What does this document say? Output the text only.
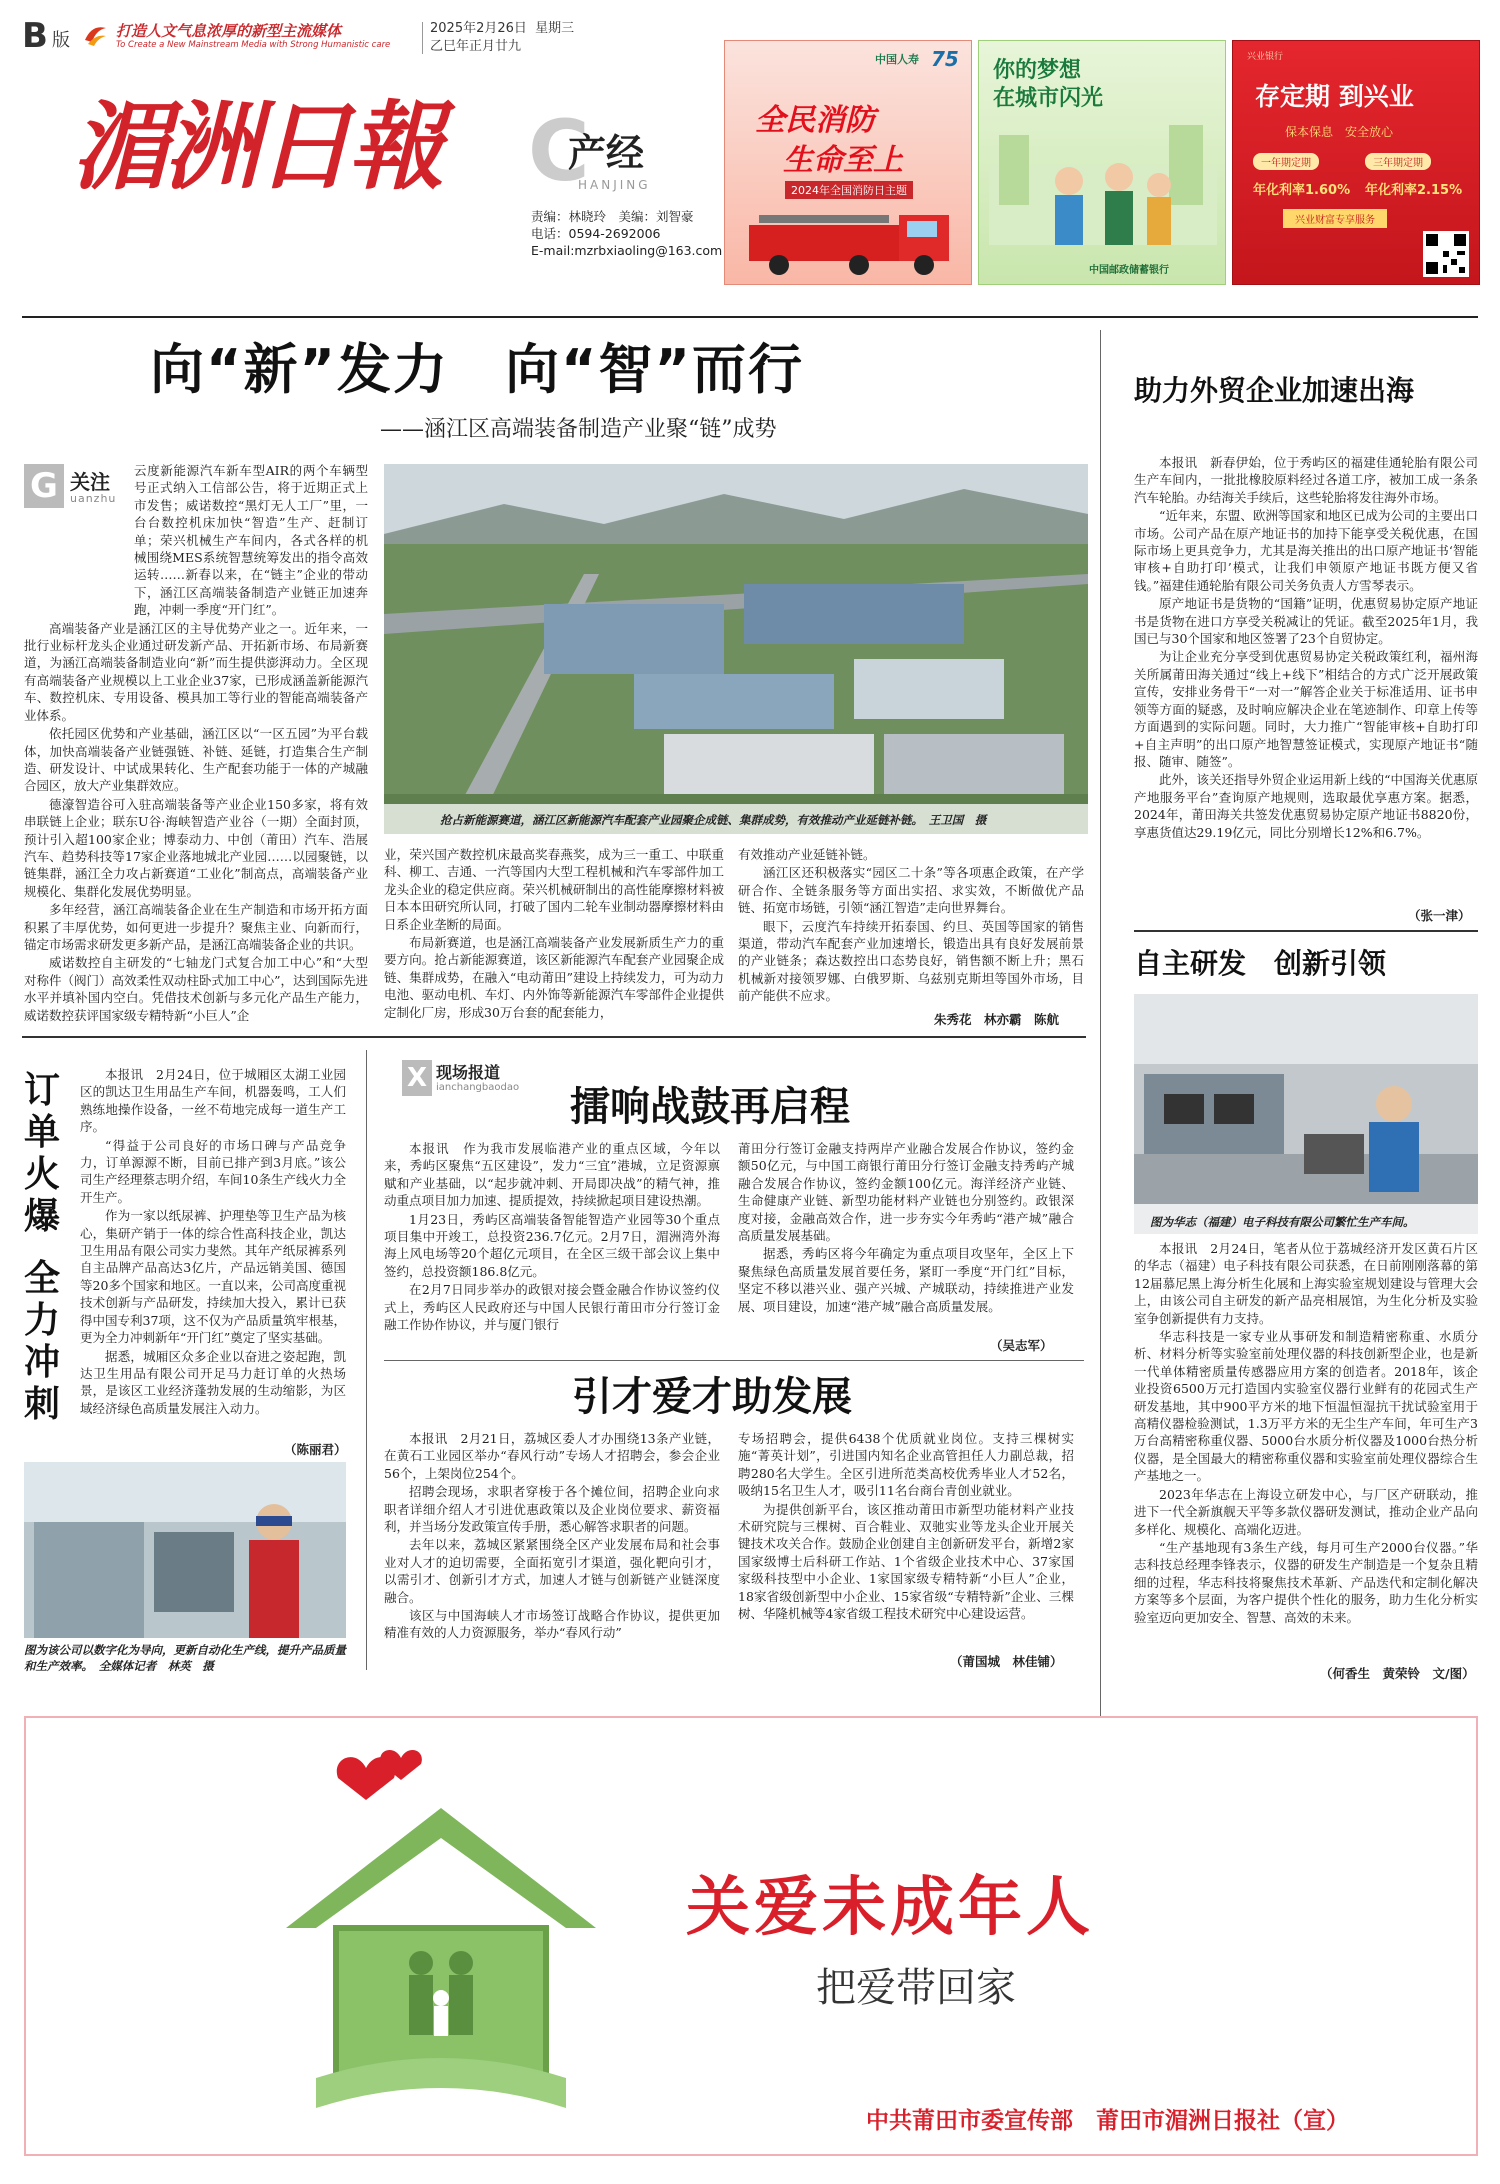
B 版	打造人文气息浓厚的新型主流媒体
To Create a New Mainstream Media with Strong Humanistic care
2025年2月26日 星期三
乙巳年正月廿九
湄洲日報 C
产经
HANJING
责编：林晓玲　美编：刘智豪
电话：0594-2692006
E-mail:mzrbxiaoling@163.com
中国人寿 75
全民消防
生命至上
2024年全国消防日主题
你的梦想
在城市闪光
中国邮政储蓄银行
兴业银行
存定期 到兴业
保本保息　安全放心
一年期定期	三年期定期
年化利率1.60% 年化利率2.15%
兴业财富专享服务
向“新”发力　向“智”而行
——涵江区高端装备制造产业聚“链”成势
G 关注
uanzhu

云度新能源汽车新车型AIR的两个车辆型号正式纳入工信部公告，将于近期正式上市发售；威诺数控“黑灯无人工厂”里，一台台数控机床加快“智造”生产、赶制订单；荣兴机械生产车间内，各式各样的机械围绕MES系统智慧统筹发出的指令高效运转……新春以来，在“链主”企业的带动下，涵江区高端装备制造产业链正加速奔跑，冲刺一季度“开门红”。

高端装备产业是涵江区的主导优势产业之一。近年来，一批行业标杆龙头企业通过研发新产品、开拓新市场、布局新赛道，为涵江高端装备制造业向“新”而生提供澎湃动力。全区现有高端装备产业规模以上工业企业37家，已形成涵盖新能源汽车、数控机床、专用设备、模具加工等行业的智能高端装备产业体系。

依托园区优势和产业基础，涵江区以“一区五园”为平台载体，加快高端装备产业链强链、补链、延链，打造集合生产制造、研发设计、中试成果转化、生产配套功能于一体的产城融合园区，放大产业集群效应。

德濠智造谷可入驻高端装备等产业企业150多家，将有效串联链上企业；联东U谷·海峡智造产业谷（一期）全面封顶，预计引入超100家企业；博泰动力、中创（莆田）汽车、浩展汽车、趋势科技等17家企业落地城北产业园……以园聚链，以链集群，涵江全力攻占新赛道“工业化”制高点，高端装备产业规模化、集群化发展优势明显。

多年经营，涵江高端装备企业在生产制造和市场开拓方面积累了丰厚优势，如何更进一步提升？聚焦主业、向新而行，锚定市场需求研发更多新产品，是涵江高端装备企业的共识。

威诺数控自主研发的“七轴龙门式复合加工中心”和“大型对称件（阀门）高效柔性双动柱卧式加工中心”，达到国际先进水平并填补国内空白。凭借技术创新与多元化产品生产能力，威诺数控获评国家级专精特新“小巨人”企

抢占新能源赛道，涵江区新能源汽车配套产业园聚企成链、集群成势，有效推动产业延链补链。　王卫国　摄

业，荣兴国产数控机床最高奖春燕奖，成为三一重工、中联重科、柳工、吉通、一汽等国内大型工程机械和汽车零部件加工龙头企业的稳定供应商。荣兴机械研制出的高性能摩擦材料被日本本田研究所认同，打破了国内二轮车业制动器摩擦材料由日系企业垄断的局面。

布局新赛道，也是涵江高端装备产业发展新质生产力的重要方向。抢占新能源赛道，该区新能源汽车配套产业园聚企成链、集群成势，在融入“电动莆田”建设上持续发力，可为动力电池、驱动电机、车灯、内外饰等新能源汽车零部件企业提供定制化厂房，形成30万台套的配套能力，

有效推动产业延链补链。

涵江区还积极落实“园区二十条”等各项惠企政策，在产学研合作、全链条服务等方面出实招、求实效，不断做优产品链、拓宽市场链，引领“涵江智造”走向世界舞台。

眼下，云度汽车持续开拓泰国、约旦、英国等国家的销售渠道，带动汽车配套产业加速增长，锻造出具有良好发展前景的产业链条；森达数控出口态势良好，销售额不断上升；黑石机械新对接领罗娜、白俄罗斯、乌兹别克斯坦等国外市场，目前产能供不应求。

朱秀花　林亦霸　陈航
助力外贸企业加速出海

本报讯　新春伊始，位于秀屿区的福建佳通轮胎有限公司生产车间内，一批批橡胶原料经过各道工序，被加工成一条条汽车轮胎。办结海关手续后，这些轮胎将发往海外市场。

“近年来，东盟、欧洲等国家和地区已成为公司的主要出口市场。公司产品在原产地证书的加持下能享受关税优惠，在国际市场上更具竞争力，尤其是海关推出的出口原产地证书‘智能审核+自助打印’模式，让我们申领原产地证书既方便又省钱。”福建佳通轮胎有限公司关务负责人方雪琴表示。

原产地证书是货物的“国籍”证明，优惠贸易协定原产地证书是货物在进口方享受关税减让的凭证。截至2025年1月，我国已与30个国家和地区签署了23个自贸协定。

为让企业充分享受到优惠贸易协定关税政策红利，福州海关所属莆田海关通过“线上+线下”相结合的方式广泛开展政策宣传，安排业务骨干“一对一”解答企业关于标准适用、证书申领等方面的疑惑，及时响应解决企业在笔迹制作、印章上传等方面遇到的实际问题。同时，大力推广“智能审核+自助打印+自主声明”的出口原产地智慧签证模式，实现原产地证书“随报、随审、随签”。

此外，该关还指导外贸企业运用新上线的“中国海关优惠原产地服务平台”查询原产地规则，选取最优享惠方案。据悉，2024年，莆田海关共签发优惠贸易协定原产地证书8820份，享惠货值达29.19亿元，同比分别增长12%和6.7%。

（张一津）
自主研发　创新引领
图为华志（福建）电子科技有限公司繁忙生产车间。

本报讯　2月24日，笔者从位于荔城经济开发区黄石片区的华志（福建）电子科技有限公司获悉，在日前刚刚落幕的第12届慕尼黑上海分析生化展和上海实验室规划建设与管理大会上，由该公司自主研发的新产品亮相展馆，为生化分析及实验室争创新提供有力支持。

华志科技是一家专业从事研发和制造精密称重、水质分析、材料分析等实验室前处理仪器的科技创新型企业，也是新一代单体精密质量传感器应用方案的创造者。2018年，该企业投资6500万元打造国内实验室仪器行业鲜有的花园式生产研发基地，其中900平方米的地下恒温恒湿抗干扰试验室用于高精仪器检验测试，1.3万平方米的无尘生产车间，年可生产3万台高精密称重仪器、5000台水质分析仪器及1000台热分析仪器，是全国最大的精密称重仪器和实验室前处理仪器综合生产基地之一。

2023年华志在上海设立研发中心，与厂区产研联动，推进下一代全新旗舰天平等多款仪器研发测试，推动企业产品向多样化、规模化、高端化迈进。

“生产基地现有3条生产线，每月可生产2000台仪器。”华志科技总经理李锋表示，仪器的研发生产制造是一个复杂且精细的过程，华志科技将聚焦技术革新、产品迭代和定制化解决方案等多个层面，为客户提供个性化的服务，助力生化分析实验室迈向更加安全、智慧、高效的未来。

（何香生　黄荣铃　文/图）
订单火爆
全力冲刺

本报讯　2月24日，位于城厢区太湖工业园区的凯达卫生用品生产车间，机器轰鸣，工人们熟练地操作设备，一丝不苟地完成每一道生产工序。

“得益于公司良好的市场口碑与产品竞争力，订单源源不断，目前已排产到3月底。”该公司生产经理蔡志明介绍，车间10条生产线火力全开生产。

作为一家以纸尿裤、护理垫等卫生产品为核心，集研产销于一体的综合性高科技企业，凯达卫生用品有限公司实力斐然。其年产纸尿裤系列自主品牌产品高达3亿片，产品远销美国、德国等20多个国家和地区。一直以来，公司高度重视技术创新与产品研发，持续加大投入，累计已获得中国专利37项，这不仅为产品质量筑牢根基，更为全力冲刺新年“开门红”奠定了坚实基础。

据悉，城厢区众多企业以奋进之姿起跑，凯达卫生用品有限公司开足马力赶订单的火热场景，是该区工业经济蓬勃发展的生动缩影，为区域经济绿色高质量发展注入动力。

（陈丽君）
图为该公司以数字化为导向，更新自动化生产线，提升产品质量和生产效率。　全媒体记者　林英　摄
X 现场报道
ianchangbaodao 擂响战鼓再启程

本报讯　作为我市发展临港产业的重点区域，今年以来，秀屿区聚焦“五区建设”，发力“三宜”港城，立足资源禀赋和产业基础，以“起步就冲刺、开局即决战”的精气神，推动重点项目加力加速、提质提效，持续掀起项目建设热潮。

1月23日，秀屿区高端装备智能智造产业园等30个重点项目集中开竣工，总投资236.7亿元。2月7日，湄洲湾外海海上风电场等20个超亿元项目，在全区三级干部会议上集中签约，总投资额186.8亿元。

在2月7日同步举办的政银对接会暨金融合作协议签约仪式上，秀屿区人民政府还与中国人民银行莆田市分行签订金融工作协作协议，并与厦门银行

莆田分行签订金融支持两岸产业融合发展合作协议，签约金额50亿元，与中国工商银行莆田分行签订金融支持秀屿产城融合发展合作协议，签约金额100亿元。海洋经济产业链、生命健康产业链、新型功能材料产业链也分别签约。政银深度对接，金融高效合作，进一步夯实今年秀屿“港产城”融合高质量发展基础。

据悉，秀屿区将今年确定为重点项目攻坚年，全区上下聚焦绿色高质量发展首要任务，紧盯一季度“开门红”目标，坚定不移以港兴业、强产兴城、产城联动，持续推进产业发展、项目建设，加速“港产城”融合高质量发展。

（吴志军）
引才爱才助发展

本报讯　2月21日，荔城区委人才办围绕13条产业链，在黄石工业园区举办“春风行动”专场人才招聘会，参会企业56个，上架岗位254个。

招聘会现场，求职者穿梭于各个摊位间，招聘企业向求职者详细介绍人才引进优惠政策以及企业岗位要求、薪资福利，并当场分发政策宣传手册，悉心解答求职者的问题。

去年以来，荔城区紧紧围绕全区产业发展布局和社会事业对人才的迫切需要，全面拓宽引才渠道，强化靶向引才，以需引才、创新引才方式，加速人才链与创新链产业链深度融合。

该区与中国海峡人才市场签订战略合作协议，提供更加精准有效的人力资源服务，举办“春风行动”

专场招聘会，提供6438个优质就业岗位。支持三棵树实施“菁英计划”，引进国内知名企业高管担任人力副总裁，招聘280名大学生。全区引进所范类高校优秀毕业人才52名，吸纳15名卫生人才，吸引11名台商台青创业就业。

为提供创新平台，该区推动莆田市新型功能材料产业技术研究院与三棵树、百合鞋业、双驰实业等龙头企业开展关键技术攻关合作。鼓励企业创建自主创新研发平台，新增2家国家级博士后科研工作站、1个省级企业技术中心、37家国家级科技型中小企业、1家国家级专精特新“小巨人”企业，18家省级创新型中小企业、15家省级“专精特新”企业、三棵树、华隆机械等4家省级工程技术研究中心建设运营。

（莆国城　林佳铺）
关爱未成年人
把爱带回家
中共莆田市委宣传部　莆田市湄洲日报社（宣）
